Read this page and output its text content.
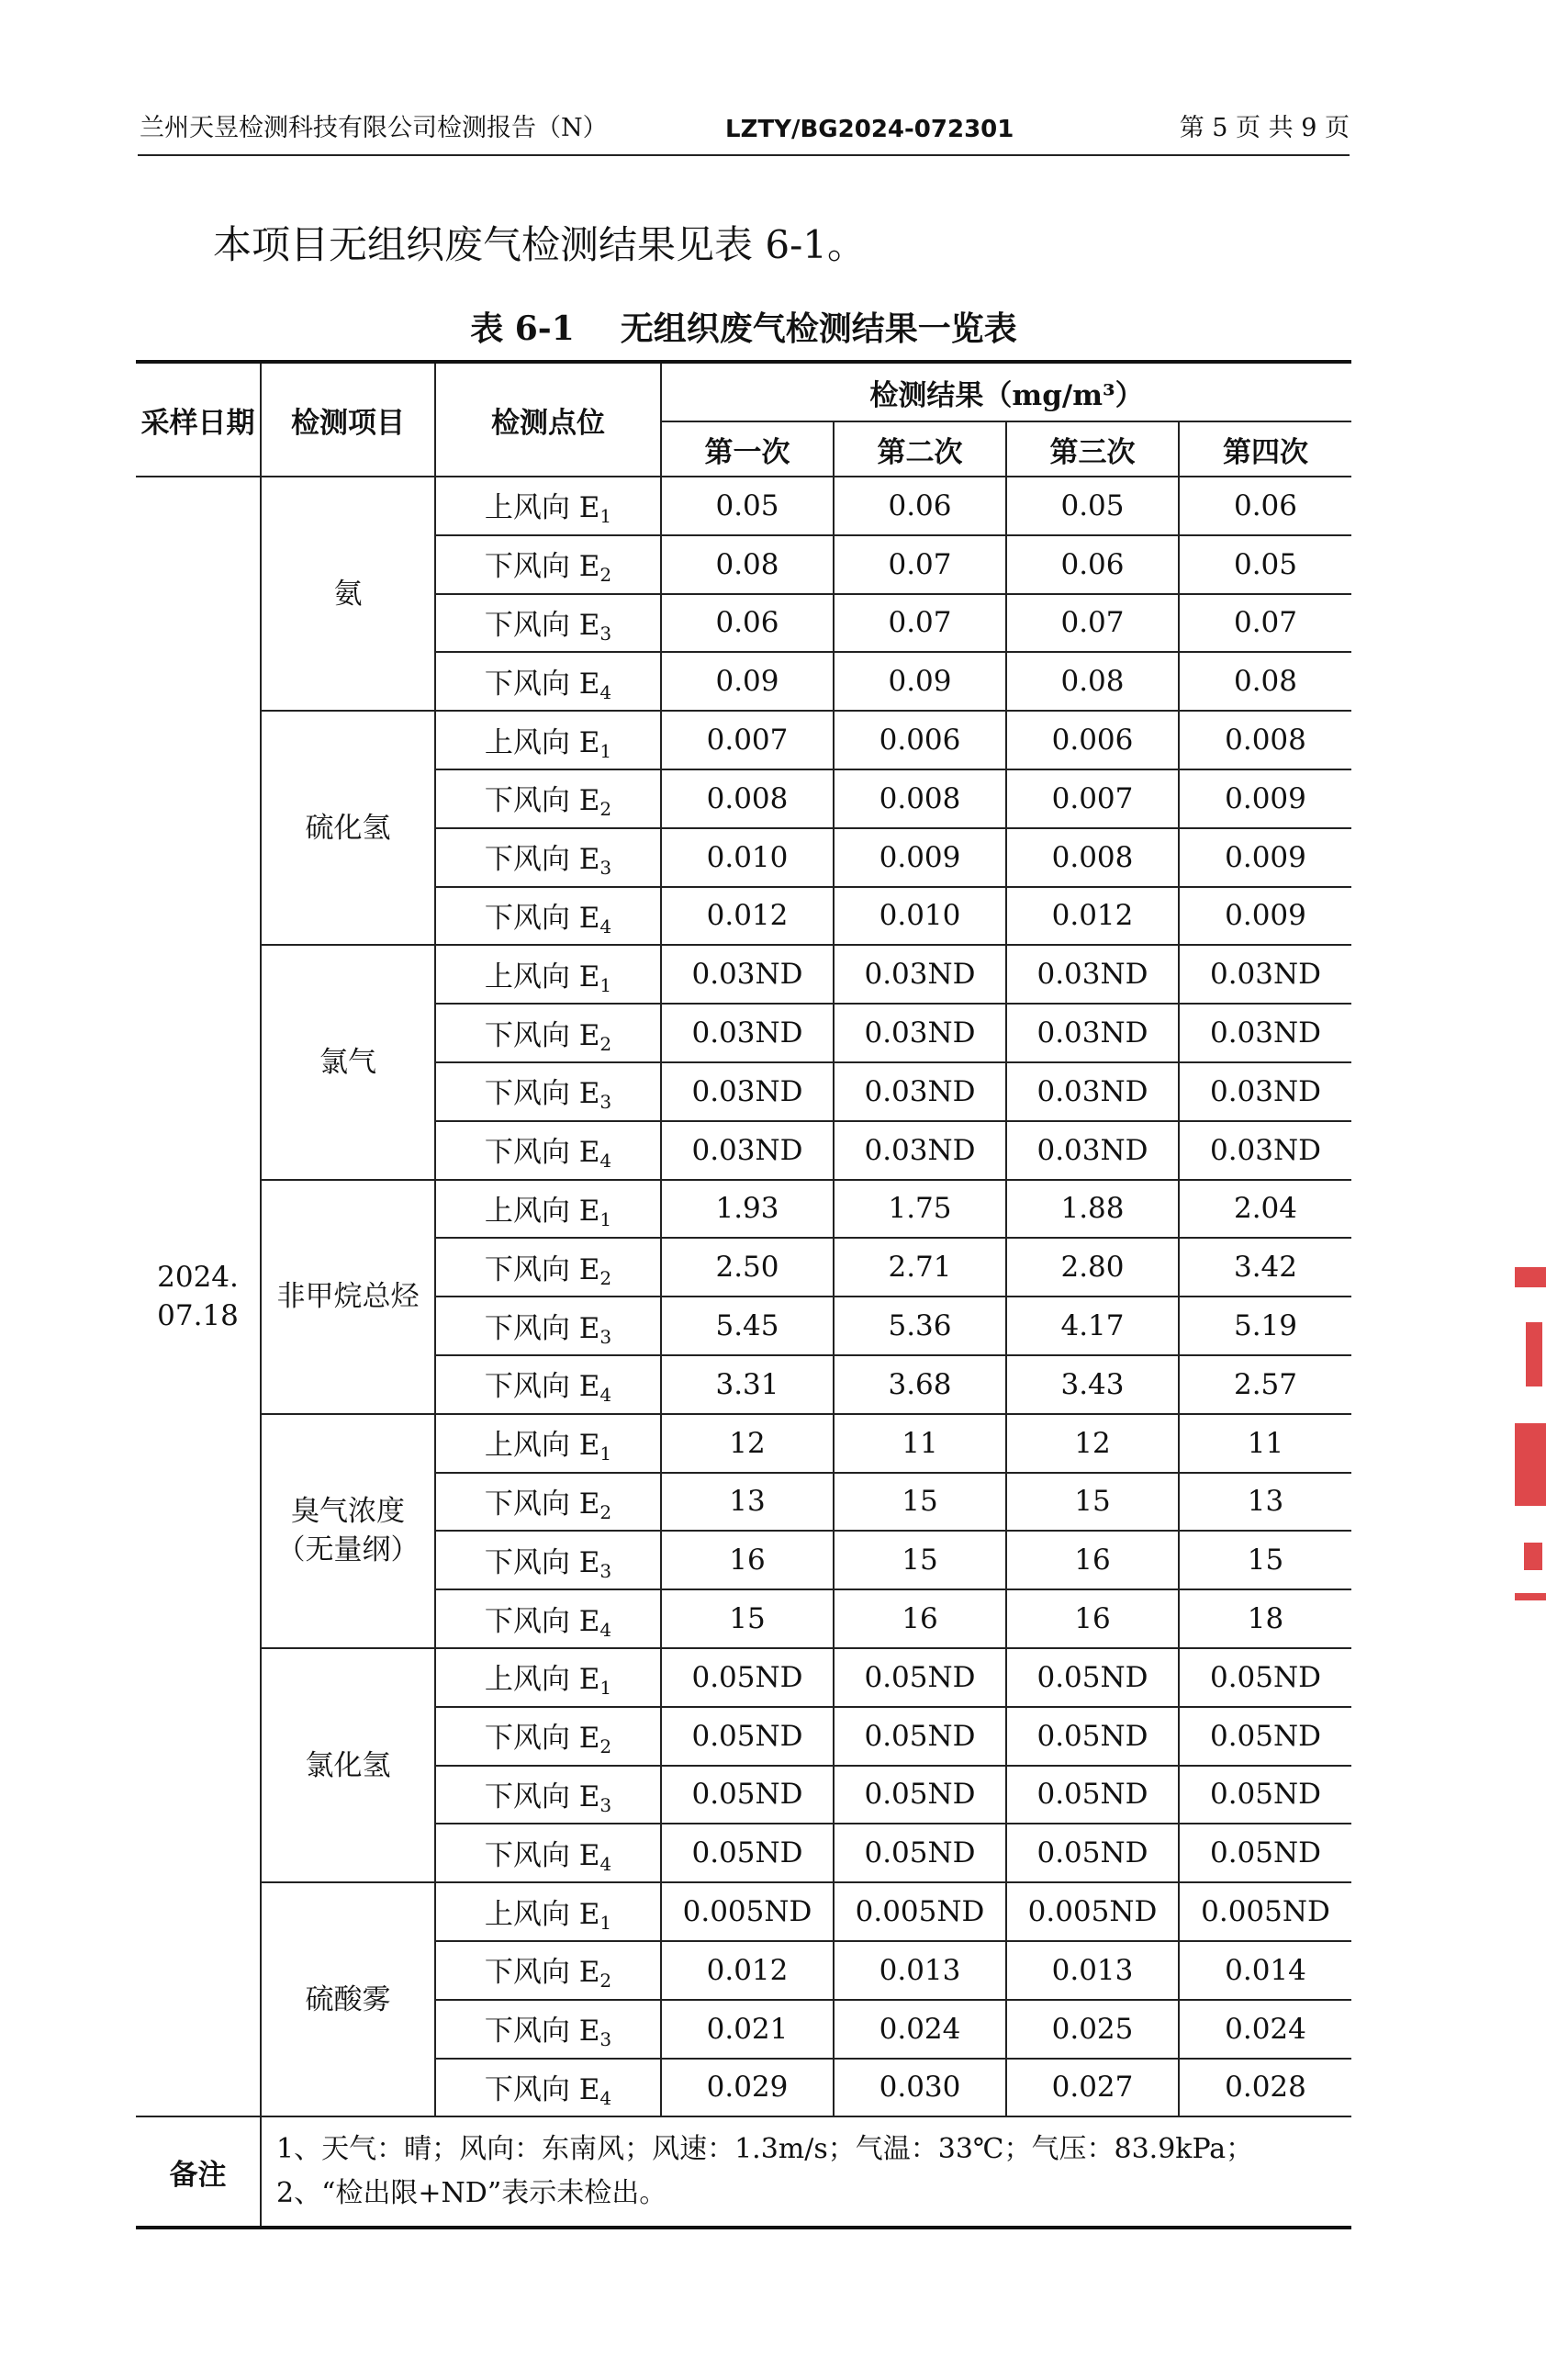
兰州天昱检测科技有限公司检测报告（N）	LZTY/BG2024-072301	第 5 页 共 9 页
本项目无组织废气检测结果见表 6-1。
表 6-1 无组织废气检测结果一览表
采样日期	检测项目	检测点位	检测结果（mg/m³）			
			第一次	第二次	第三次	第四次
2024.07.18	氨	上风向 $E_1$	0.05	0.06	0.05	0.06
		下风向 $E_2$	0.08	0.07	0.06	0.05
		下风向 $E_3$	0.06	0.07	0.07	0.07
		下风向 $E_4$	0.09	0.09	0.08	0.08
	硫化氢	上风向 $E_1$	0.007	0.006	0.006	0.008
		下风向 $E_2$	0.008	0.008	0.007	0.009
		下风向 $E_3$	0.010	0.009	0.008	0.009
		下风向 $E_4$	0.012	0.010	0.012	0.009
	氯气	上风向 $E_1$	0.03ND	0.03ND	0.03ND	0.03ND
		下风向 $E_2$	0.03ND	0.03ND	0.03ND	0.03ND
		下风向 $E_3$	0.03ND	0.03ND	0.03ND	0.03ND
		下风向 $E_4$	0.03ND	0.03ND	0.03ND	0.03ND
	非甲烷总烃	上风向 $E_1$	1.93	1.75	1.88	2.04
		下风向 $E_2$	2.50	2.71	2.80	3.42
		下风向 $E_3$	5.45	5.36	4.17	5.19
		下风向 $E_4$	3.31	3.68	3.43	2.57
	臭气浓度（无量纲）	上风向 $E_1$	12	11	12	11
		下风向 $E_2$	13	15	15	13
		下风向 $E_3$	16	15	16	15
		下风向 $E_4$	15	16	16	18
	氯化氢	上风向 $E_1$	0.05ND	0.05ND	0.05ND	0.05ND
		下风向 $E_2$	0.05ND	0.05ND	0.05ND	0.05ND
		下风向 $E_3$	0.05ND	0.05ND	0.05ND	0.05ND
		下风向 $E_4$	0.05ND	0.05ND	0.05ND	0.05ND
	硫酸雾	上风向 $E_1$	0.005ND	0.005ND	0.005ND	0.005ND
		下风向 $E_2$	0.012	0.013	0.013	0.014
		下风向 $E_3$	0.021	0.024	0.025	0.024
		下风向 $E_4$	0.029	0.030	0.027	0.028
备注	1、天气：晴；风向：东南风；风速：1.3m/s；气温：33℃；气压：83.9kPa；
2、“检出限+ND”表示未检出。					
